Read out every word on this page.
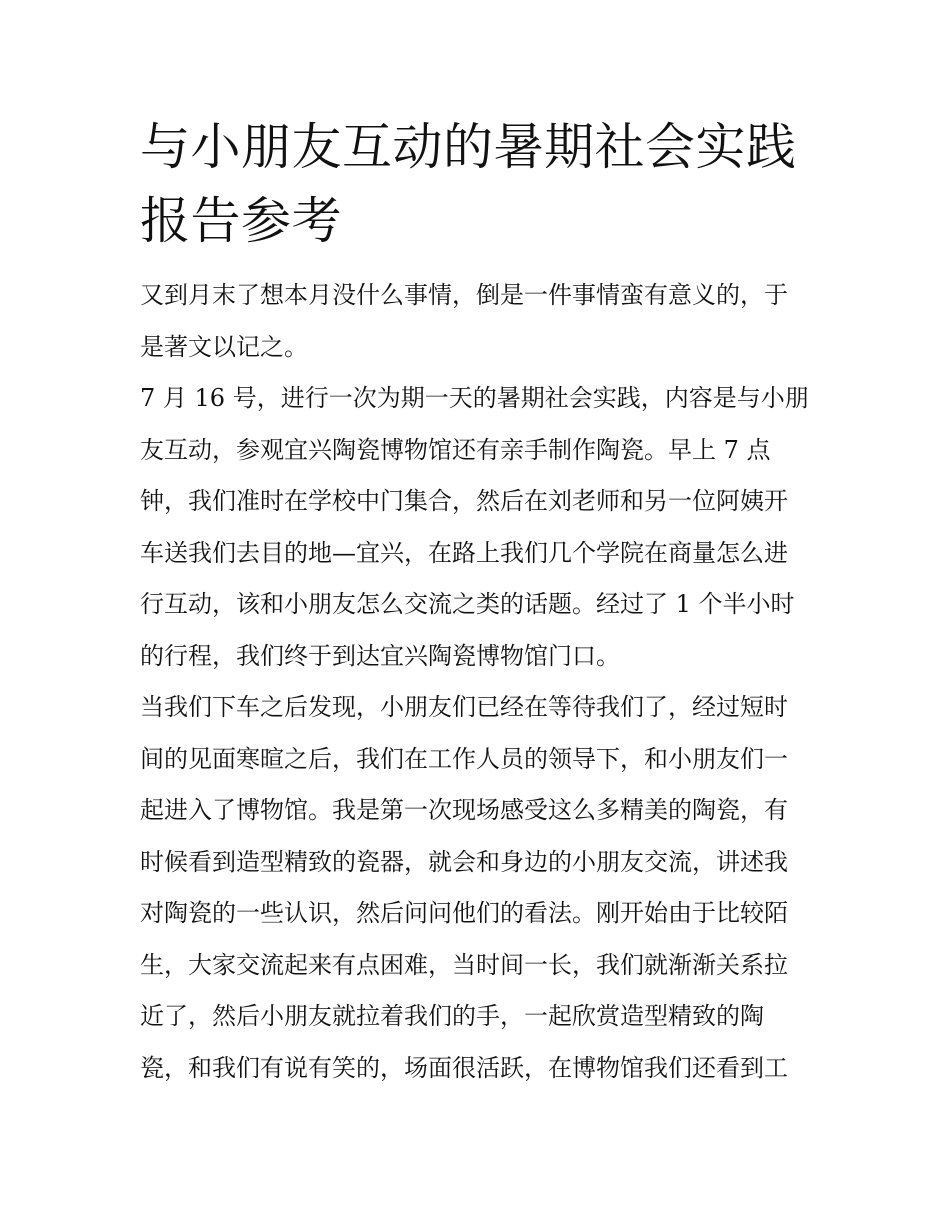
与小朋友互动的暑期社会实践
报告参考
又到月末了想本月没什么事情，倒是一件事情蛮有意义的，于
是著文以记之。
7 月 16 号，进行一次为期一天的暑期社会实践，内容是与小朋
友互动，参观宜兴陶瓷博物馆还有亲手制作陶瓷。早上 7 点
钟，我们准时在学校中门集合，然后在刘老师和另一位阿姨开
车送我们去目的地—宜兴，在路上我们几个学院在商量怎么进
行互动，该和小朋友怎么交流之类的话题。经过了 1 个半小时
的行程，我们终于到达宜兴陶瓷博物馆门口。
当我们下车之后发现，小朋友们已经在等待我们了，经过短时
间的见面寒暄之后，我们在工作人员的领导下，和小朋友们一
起进入了博物馆。我是第一次现场感受这么多精美的陶瓷，有
时候看到造型精致的瓷器，就会和身边的小朋友交流，讲述我
对陶瓷的一些认识，然后问问他们的看法。刚开始由于比较陌
生，大家交流起来有点困难，当时间一长，我们就渐渐关系拉
近了，然后小朋友就拉着我们的手，一起欣赏造型精致的陶
瓷，和我们有说有笑的，场面很活跃，在博物馆我们还看到工
